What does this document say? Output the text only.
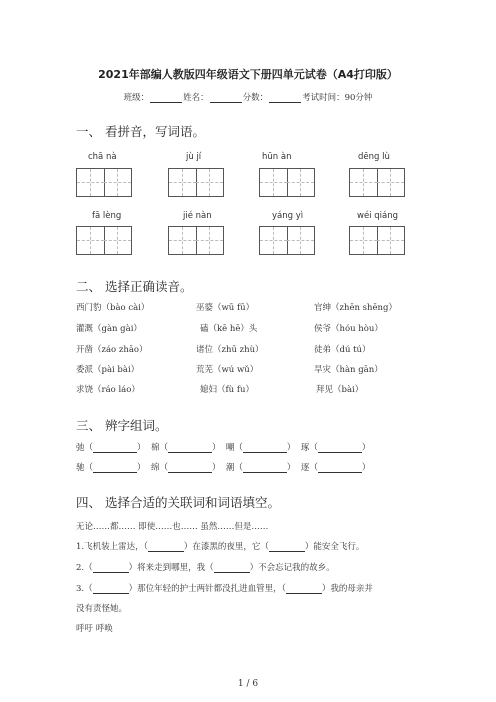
2021年部编人教版四年级语文下册四单元试卷（A4打印版）
班级：	姓名：	分数：	考试时间：90分钟
一、 看拼音，写词语。
chā nà	jù jí	hūn àn	dēng lù
fā lèng	jié nàn	yáng yì	wéi qiáng
二、 选择正确读音。
西门豹（bào cài）	巫婆（wū fū）	官绅（zhēn shēng）
灌溉（gàn gài）	磕（kē hē）头	侯爷（hóu hòu）
开凿（záo zhāo）	诸位（zhū zhù）	徒弟（dú tú）
委派（pài bài）	荒芜（wú wǔ）	旱灾（hàn gān）
求饶（ráo láo）	媳妇（fù fu）	拜见（bài）
三、 辨字组词。
弛（	） 棉（	） 嘲（	） 琢（	）
驰（	） 绵（	） 潮（	） 逐（	）
四、 选择合适的关联词和词语填空。
无论……都…… 即使……也…… 虽然……但是……
1.飞机装上雷达，（	）在漆黑的夜里，它（	）能安全飞行。
2.（	）将来走到哪里，我（	）不会忘记我的故乡。
3.（	）那位年轻的护士两针都没扎进血管里，（	）我的母亲并
没有责怪她。
呼吁 呼唤
1 / 6
